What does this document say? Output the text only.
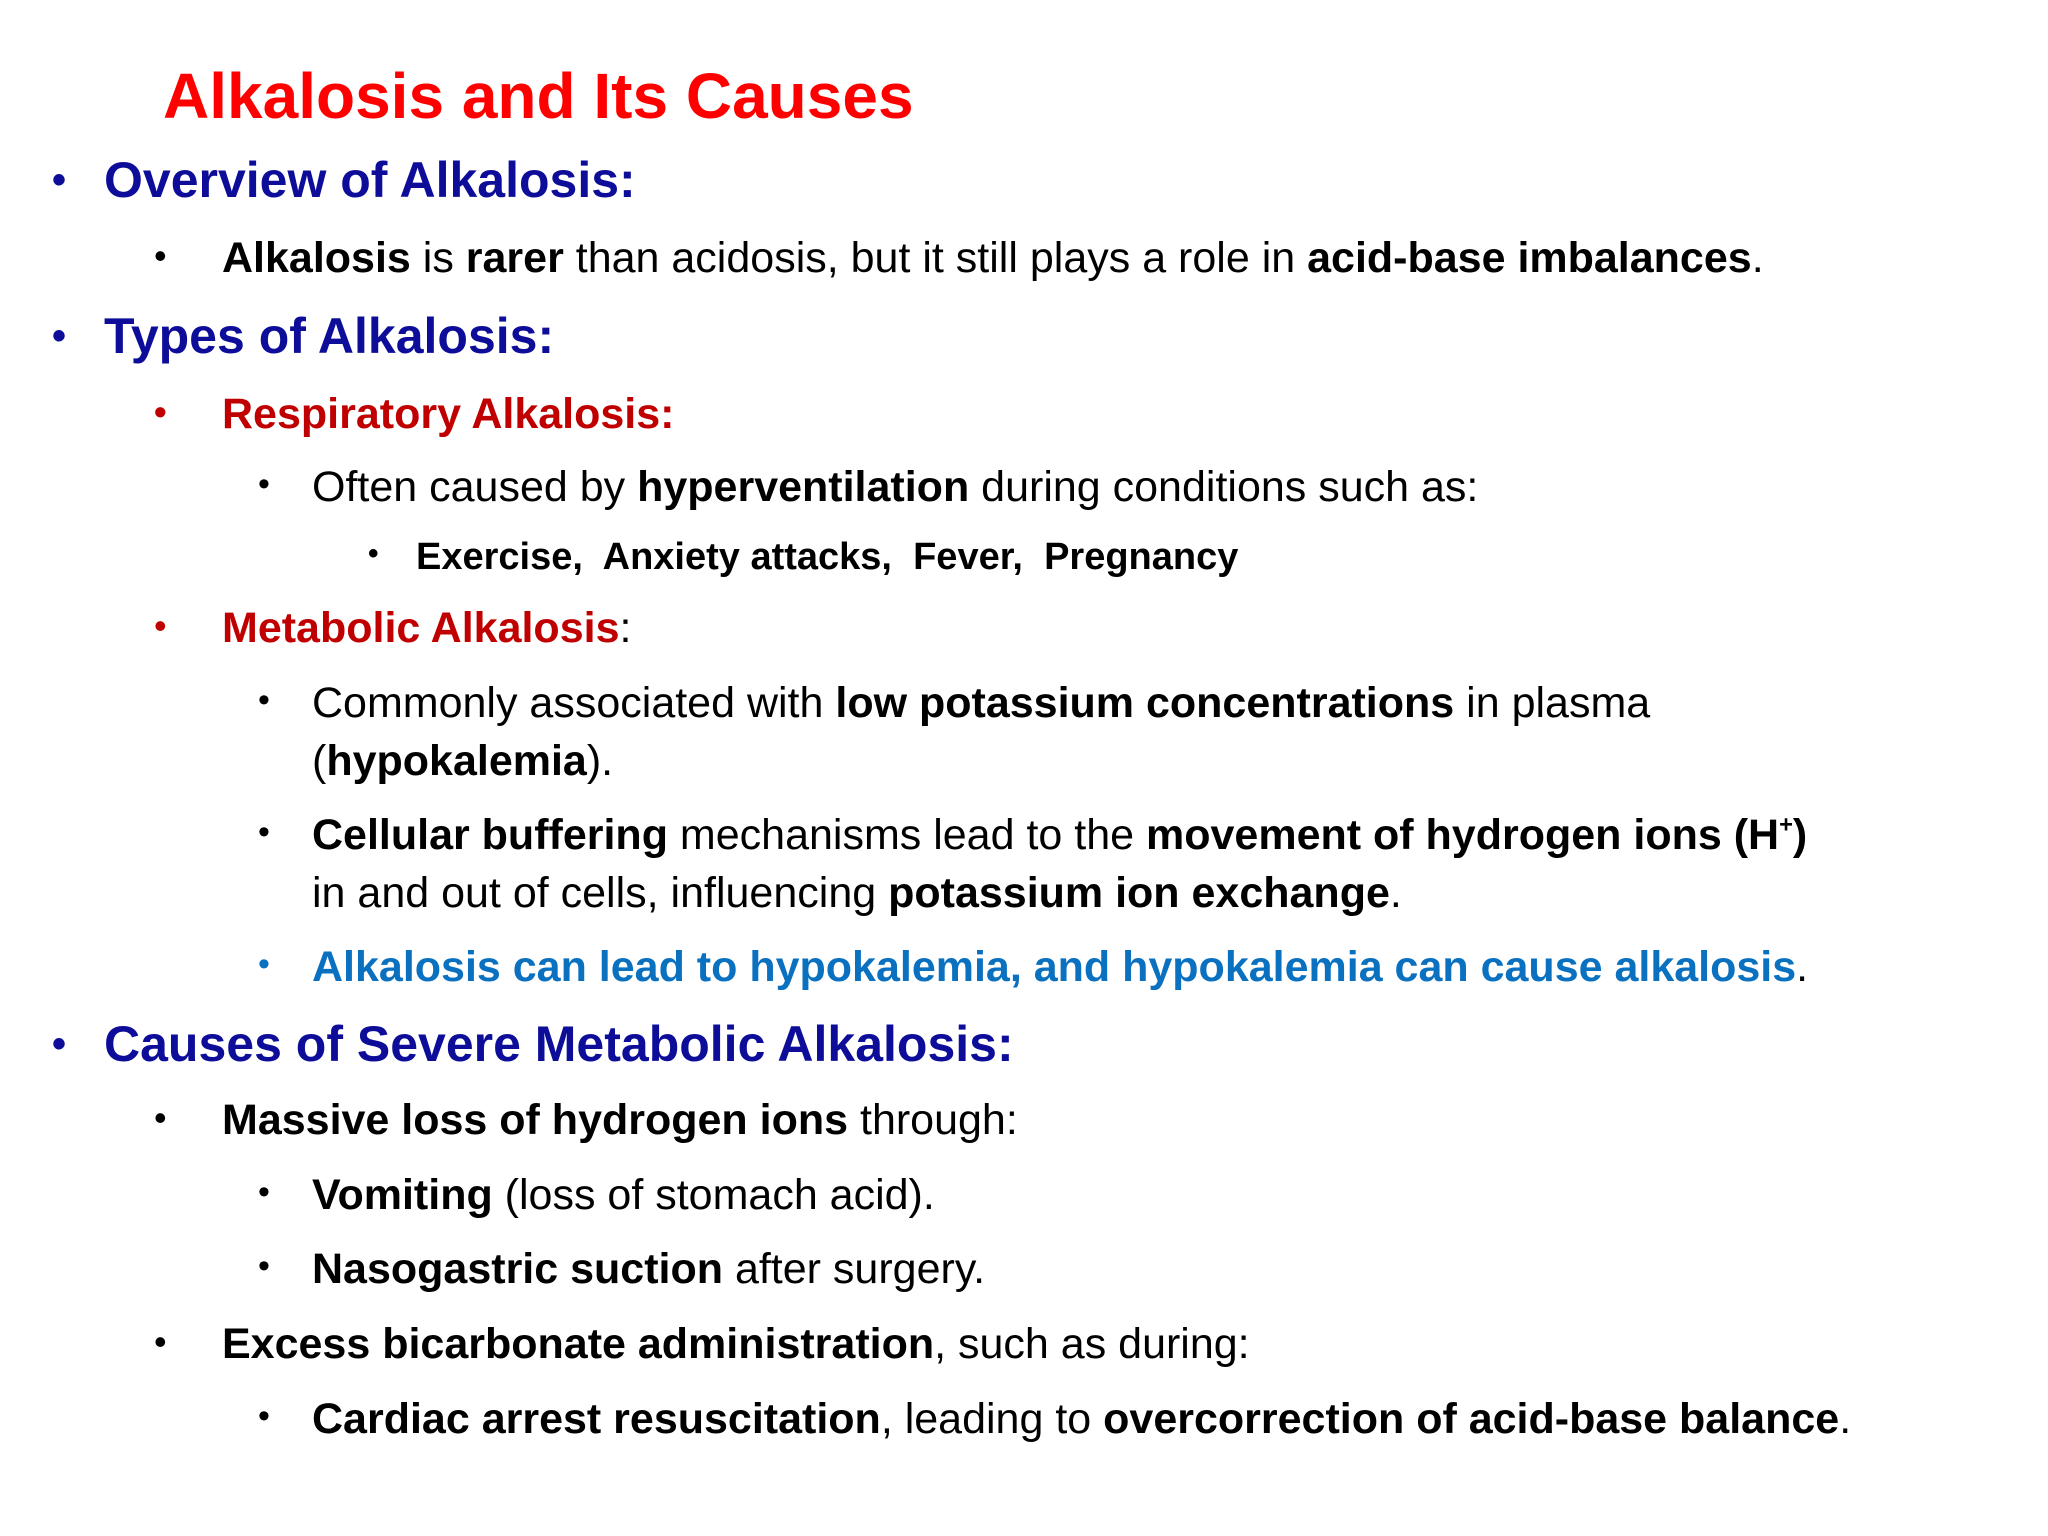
Alkalosis and Its Causes
• Overview of Alkalosis:
• Alkalosis is rarer than acidosis, but it still plays a role in acid-base imbalances.
• Types of Alkalosis:
• Respiratory Alkalosis:
• Often caused by hyperventilation during conditions such as:
• Exercise,  Anxiety attacks,  Fever,  Pregnancy
• Metabolic Alkalosis:
• Commonly associated with low potassium concentrations in plasma
(hypokalemia).
• Cellular buffering mechanisms lead to the movement of hydrogen ions (H+)
in and out of cells, influencing potassium ion exchange.
• Alkalosis can lead to hypokalemia, and hypokalemia can cause alkalosis.
• Causes of Severe Metabolic Alkalosis:
• Massive loss of hydrogen ions through:
• Vomiting (loss of stomach acid).
• Nasogastric suction after surgery.
• Excess bicarbonate administration, such as during:
• Cardiac arrest resuscitation, leading to overcorrection of acid-base balance.
